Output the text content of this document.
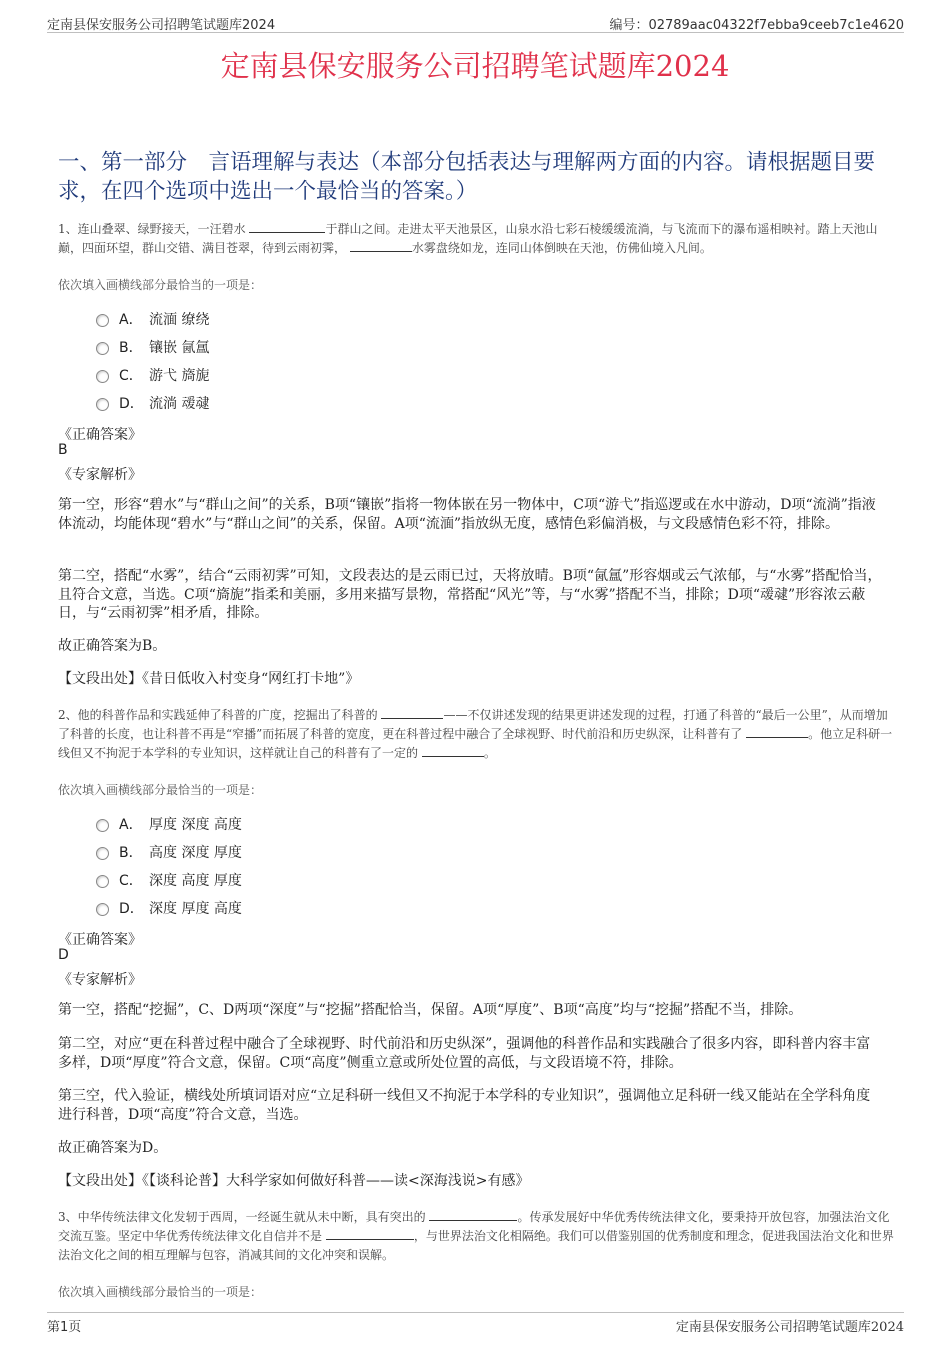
定南县保安服务公司招聘笔试题库2024	编号：02789aac04322f7ebba9ceeb7c1e4620
定南县保安服务公司招聘笔试题库2024
一、第一部分　言语理解与表达（本部分包括表达与理解两方面的内容。请根据题目要求，在四个选项中选出一个最恰当的答案。）
1、连山叠翠、绿野接天，一汪碧水	于群山之间。走进太平天池景区，山泉水沿七彩石棱缓缓流淌，与飞流而下的瀑布遥相映衬。踏上天池山巅，四面环望，群山交错、满目苍翠，待到云雨初霁，	水雾盘绕如龙，连同山体倒映在天池，仿佛仙境入凡间。
依次填入画横线部分最恰当的一项是：
A． 流湎 缭绕
B． 镶嵌 氤氲
C． 游弋 旖旎
D． 流淌 叆叇
《正确答案》
B
《专家解析》
第一空，形容“碧水”与“群山之间”的关系，B项“镶嵌”指将一物体嵌在另一物体中，C项“游弋”指巡逻或在水中游动，D项“流淌”指液体流动，均能体现“碧水”与“群山之间”的关系，保留。A项“流湎”指放纵无度，感情色彩偏消极，与文段感情色彩不符，排除。
第二空，搭配“水雾”，结合“云雨初霁”可知，文段表达的是云雨已过，天将放晴。B项“氤氲”形容烟或云气浓郁，与“水雾”搭配恰当，且符合文意，当选。C项“旖旎”指柔和美丽，多用来描写景物，常搭配“风光”等，与“水雾”搭配不当，排除；D项“叆叇”形容浓云蔽日，与“云雨初霁”相矛盾，排除。
故正确答案为B。
【文段出处】《昔日低收入村变身“网红打卡地”》
2、他的科普作品和实践延伸了科普的广度，挖掘出了科普的	——不仅讲述发现的结果更讲述发现的过程，打通了科普的“最后一公里”，从而增加了科普的长度，也让科普不再是“窄播”而拓展了科普的宽度，更在科普过程中融合了全球视野、时代前沿和历史纵深，让科普有了	。他立足科研一线但又不拘泥于本学科的专业知识，这样就让自己的科普有了一定的	。
依次填入画横线部分最恰当的一项是：
A． 厚度 深度 高度
B． 高度 深度 厚度
C． 深度 高度 厚度
D． 深度 厚度 高度
《正确答案》
D
《专家解析》
第一空，搭配“挖掘”，C、D两项“深度”与“挖掘”搭配恰当，保留。A项“厚度”、B项“高度”均与“挖掘”搭配不当，排除。
第二空，对应“更在科普过程中融合了全球视野、时代前沿和历史纵深”，强调他的科普作品和实践融合了很多内容，即科普内容丰富多样，D项“厚度”符合文意，保留。C项“高度”侧重立意或所处位置的高低，与文段语境不符，排除。
第三空，代入验证，横线处所填词语对应“立足科研一线但又不拘泥于本学科的专业知识”，强调他立足科研一线又能站在全学科角度进行科普，D项“高度”符合文意，当选。
故正确答案为D。
【文段出处】《【谈科论普】大科学家如何做好科普——读<深海浅说>有感》
3、中华传统法律文化发轫于西周，一经诞生就从未中断，具有突出的	。传承发展好中华优秀传统法律文化，要秉持开放包容，加强法治文化交流互鉴。坚定中华优秀传统法律文化自信并不是	，与世界法治文化相隔绝。我们可以借鉴别国的优秀制度和理念，促进我国法治文化和世界法治文化之间的相互理解与包容，消减其间的文化冲突和误解。
依次填入画横线部分最恰当的一项是：
第1页	定南县保安服务公司招聘笔试题库2024
